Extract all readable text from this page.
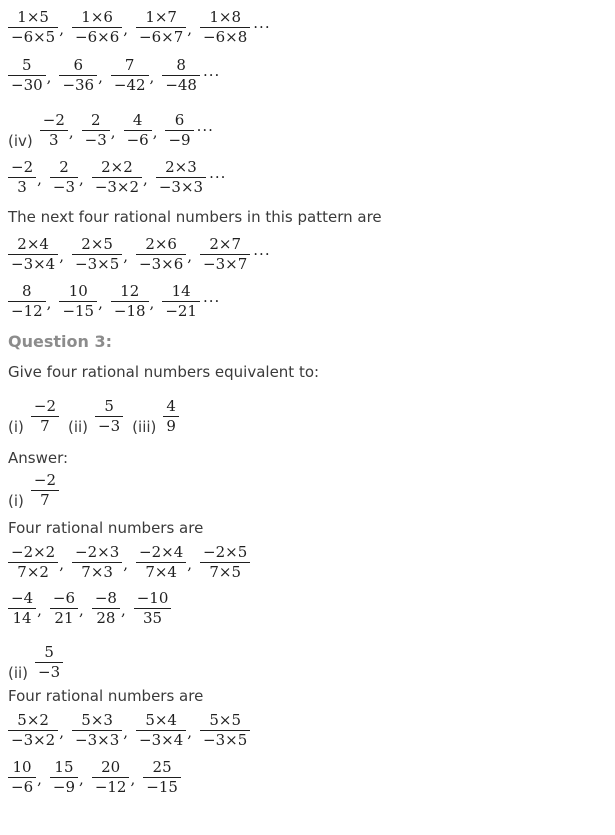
$\frac{1\times 5}{-6\times 5}$ , $\frac{1\times 6}{-6\times 6}$ , $\frac{1\times 7}{-6\times 7}$ , $\frac{1\times 8}{-6\times 8}$ ...
$\frac{5}{-30}$ , $\frac{6}{-36}$ , $\frac{7}{-42}$ , $\frac{8}{-48}$ ...
$(iv) \frac{-2}{3}$ , $\frac{2}{-3}$ , $\frac{4}{-6}$ , $\frac{6}{-9}$ ...
$\frac{-2}{3}$ , $\frac{2}{-3}$ , $\frac{2\times 2}{-3\times 2}$ , $\frac{2\times 3}{-3\times 3}$ ...
The next four rational numbers in this pattern are
$\frac{2\times 4}{-3\times 4}$ , $\frac{2\times 5}{-3\times 5}$ , $\frac{2\times 6}{-3\times 6}$ , $\frac{2\times 7}{-3\times 7}$ ...
$\frac{8}{-12}$ , $\frac{10}{-15}$ , $\frac{12}{-18}$ , $\frac{14}{-21}$ ...
Question 3:
Give four rational numbers equivalent to:
$(i) \frac{-2}{7} (ii) \frac{5}{-3} (iii) \frac{4}{9}$
Answer:
$(i) \frac{-2}{7}$
Four rational numbers are
$\frac{-2\times 2}{7\times 2}$ , $\frac{-2\times 3}{7\times 3}$ , $\frac{-2\times 4}{7\times 4}$ , $\frac{-2\times 5}{7\times 5}$
$\frac{-4}{14}$ , $\frac{-6}{21}$ , $\frac{-8}{28}$ , $\frac{-10}{35}$
$(ii) \frac{5}{-3}$
Four rational numbers are
$\frac{5\times 2}{-3\times 2}$ , $\frac{5\times 3}{-3\times 3}$ , $\frac{5\times 4}{-3\times 4}$ , $\frac{5\times 5}{-3\times 5}$
$\frac{10}{-6}$ , $\frac{15}{-9}$ , $\frac{20}{-12}$ , $\frac{25}{-15}$
